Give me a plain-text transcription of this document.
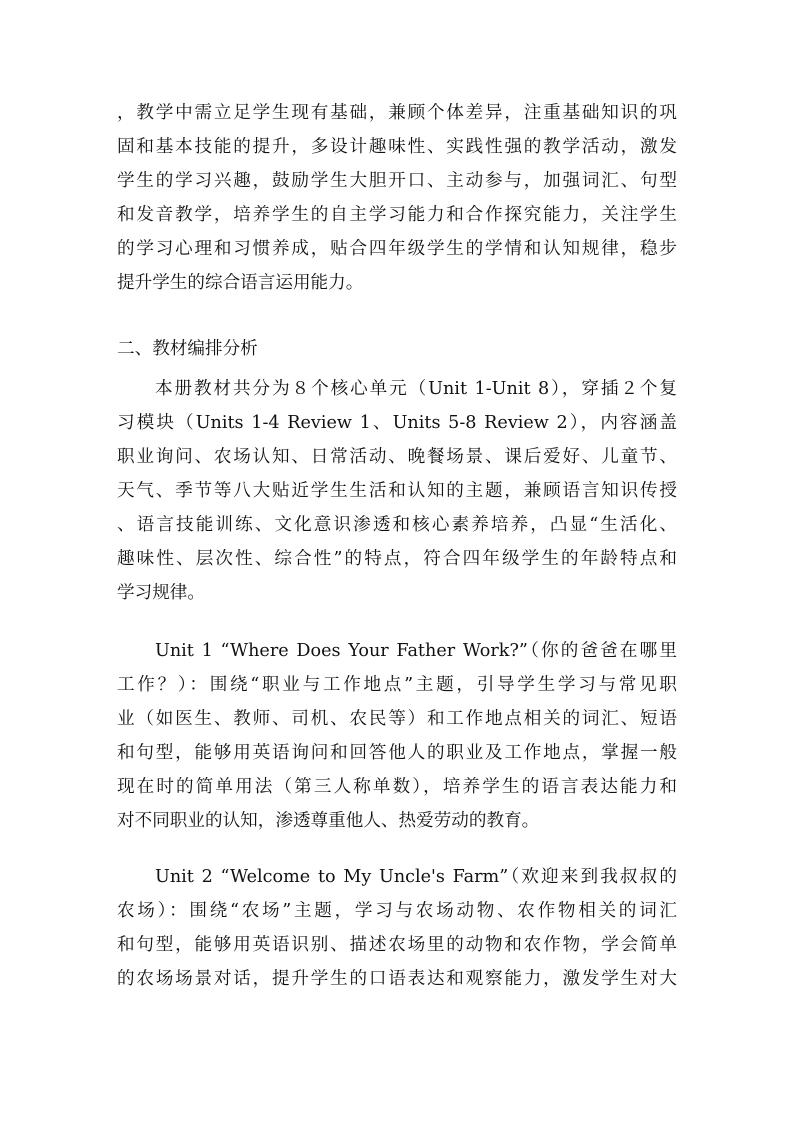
，教学中需立足学生现有基础，兼顾个体差异，注重基础知识的巩
固和基本技能的提升，多设计趣味性、实践性强的教学活动，激发
学生的学习兴趣，鼓励学生大胆开口、主动参与，加强词汇、句型
和发音教学，培养学生的自主学习能力和合作探究能力，关注学生
的学习心理和习惯养成，贴合四年级学生的学情和认知规律，稳步
提升学生的综合语言运用能力。
二、教材编排分析
本册教材共分为８个核心单元（Unit 1-Unit 8），穿插２个复
习模块（Units 1-4 Review 1、Units 5-8 Review 2），内容涵盖
职业询问、农场认知、日常活动、晚餐场景、课后爱好、儿童节、
天气、季节等八大贴近学生生活和认知的主题，兼顾语言知识传授
、语言技能训练、文化意识渗透和核心素养培养，凸显“生活化、
趣味性、层次性、综合性”的特点，符合四年级学生的年龄特点和
学习规律。
Unit 1 “Where Does Your Father Work?”（你的爸爸在哪里
工作？）：围绕“职业与工作地点”主题，引导学生学习与常见职
业（如医生、教师、司机、农民等）和工作地点相关的词汇、短语
和句型，能够用英语询问和回答他人的职业及工作地点，掌握一般
现在时的简单用法（第三人称单数），培养学生的语言表达能力和
对不同职业的认知，渗透尊重他人、热爱劳动的教育。
Unit 2 “Welcome to My Uncle's Farm”（欢迎来到我叔叔的
农场）：围绕“农场”主题，学习与农场动物、农作物相关的词汇
和句型，能够用英语识别、描述农场里的动物和农作物，学会简单
的农场场景对话，提升学生的口语表达和观察能力，激发学生对大
